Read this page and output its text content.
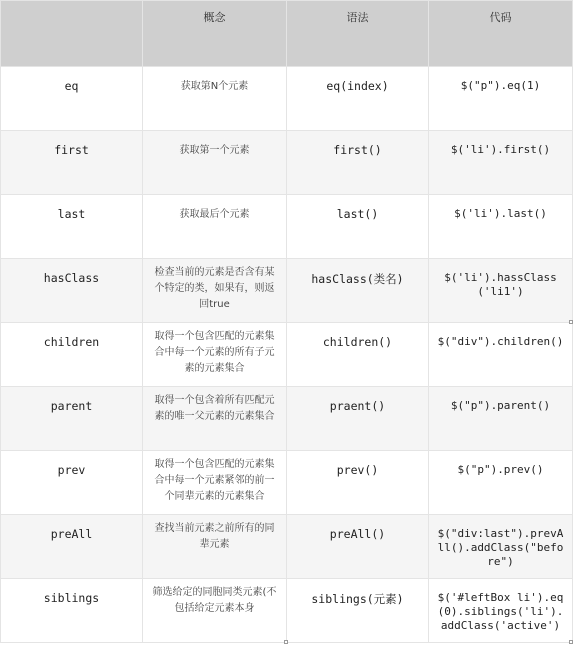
	概念	语法	代码
eq	获取第N个元素	eq(index)	$("p").eq(1)
first	获取第一个元素	first()	$('li').first()
last	获取最后个元素	last()	$('li').last()
hasClass	检查当前的元素是否含有某个特定的类，如果有，则返回true	hasClass(类名)	$('li').hassClass('li1')
children	取得一个包含匹配的元素集合中每一个元素的所有子元素的元素集合	children()	$("div").children()
parent	取得一个包含着所有匹配元素的唯一父元素的元素集合	praent()	$("p").parent()
prev	取得一个包含匹配的元素集合中每一个元素紧邻的前一个同辈元素的元素集合	prev()	$("p").prev()
preAll	查找当前元素之前所有的同辈元素	preAll()	$("div:last").prevAll().addClass("before")
siblings	筛选给定的同胞同类元素(不包括给定元素本身	siblings(元素)	$('#leftBox li').eq(0).siblings('li').addClass('active')
